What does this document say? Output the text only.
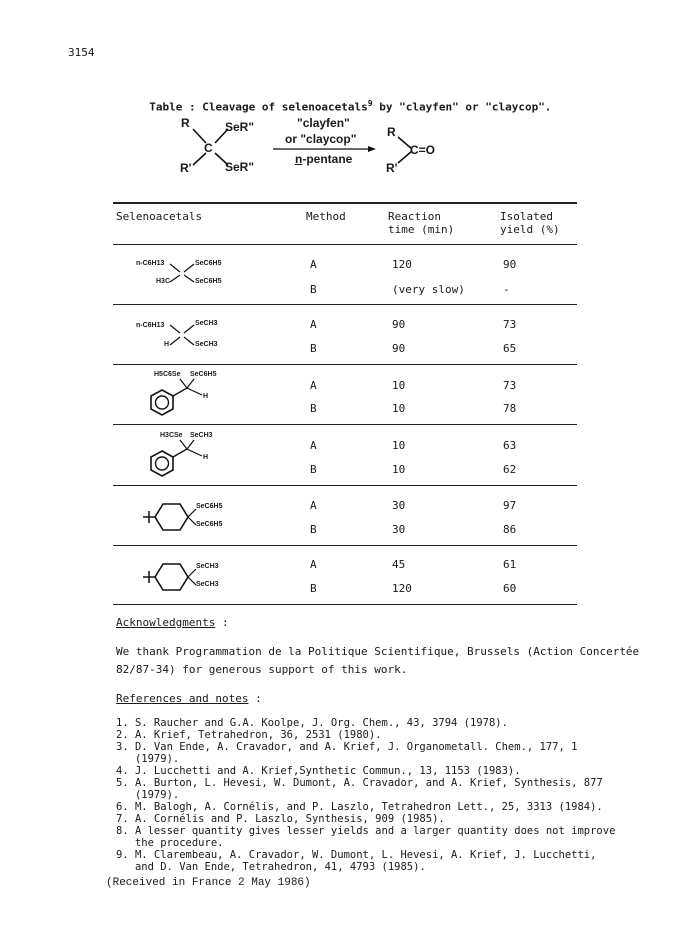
3154

Table : Cleavage of selenoacetals$^9$ by "clayfen" or "claycop".

R
C
R'
SeR"
SeR"
"clayfen"
or "claycop"
n-pentane
R
C=O
R'
Selenoacetals	Method	Reaction
time (min)
Isolated
yield (%)
n-C6H13
H3C
SeC6H5
SeC6H5
A	120	90
B	(very slow)	-
n-C6H13
H
SeCH3
SeCH3
A	90	73
B	90	65
H5C6Se SeC6H5
H
A	10	73
B	10	78
H3CSe SeCH3
H
A	10	63
B	10	62
SeC6H5
SeC6H5
A	30	97
B	30	86
SeCH3
SeCH3
A	45	61
B	120	60
Acknowledgments :
We thank Programmation de la Politique Scientifique, Brussels (Action Concertée
82/87-34) for generous support of this work.
References and notes :
1. S. Raucher and G.A. Koolpe, J. Org. Chem., 43, 3794 (1978).
2. A. Krief, Tetrahedron, 36, 2531 (1980).
3. D. Van Ende, A. Cravador, and A. Krief, J. Organometall. Chem., 177, 1
(1979).
4. J. Lucchetti and A. Krief,Synthetic Commun., 13, 1153 (1983).
5. A. Burton, L. Hevesi, W. Dumont, A. Cravador, and A. Krief, Synthesis, 877
(1979).
6. M. Balogh, A. Cornélis, and P. Laszlo, Tetrahedron Lett., 25, 3313 (1984).
7. A. Cornélis and P. Laszlo, Synthesis, 909 (1985).
8. A lesser quantity gives lesser yields and a larger quantity does not improve
the procedure.
9. M. Clarembeau, A. Cravador, W. Dumont, L. Hevesi, A. Krief, J. Lucchetti,
and D. Van Ende, Tetrahedron, 41, 4793 (1985).
(Received in France 2 May 1986)
